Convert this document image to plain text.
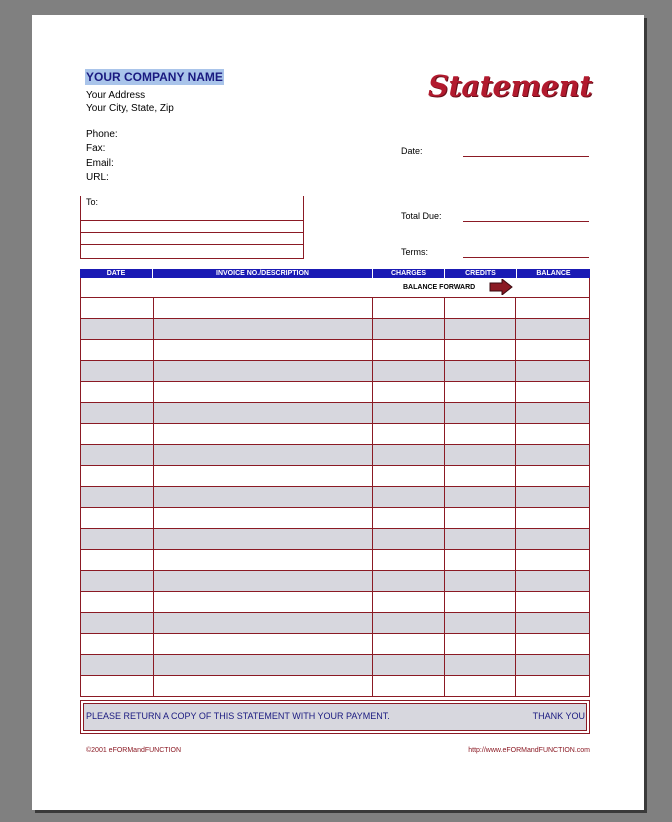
YOUR COMPANY NAME
Your Address
Your City, State, Zip
Phone:
Fax:
Email:
URL:
Statement
Date:
Total Due:
Terms:
To:
DATE	INVOICE NO./DESCRIPTION	CHARGES	CREDITS	BALANCE
BALANCE FORWARD
PLEASE RETURN A COPY OF THIS STATEMENT WITH YOUR PAYMENT.	THANK YOU
©2001 eFORMandFUNCTION	http://www.eFORMandFUNCTION.com
